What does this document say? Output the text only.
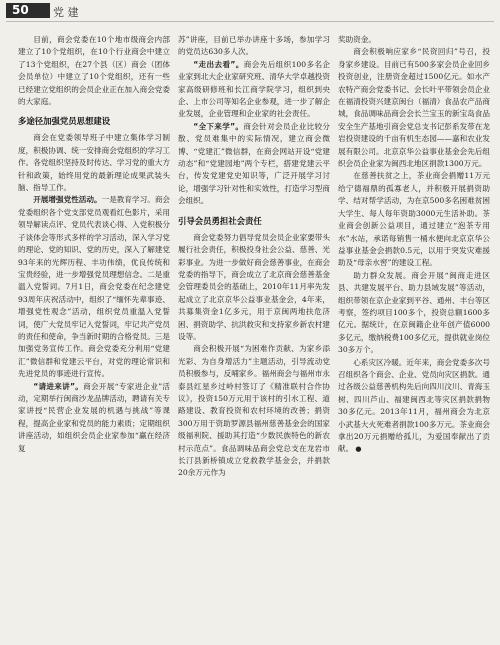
50	党 建

目前，商会党委在10个地市级商会内部建立了10个党组织，在10个行业商会中建立了13个党组织，在27个县（区）商会（团体会员单位）中建立了10个党组织，还有一些已经建立党组织的会员企业正在加入商会党委的大家庭。

多途径加强党员思想建设

商会在党委领导班子中建立集体学习制度，积极协调、统一安排商会党组织的学习工作。各党组织坚持及时传达、学习党的重大方针和政策，始终用党的最新理论成果武装头脑、指导工作。

开展增强党性活动。一是教育学习。商会党委组织各个党支部党员观看红色影片，采用领导解读点评、党员代表谈心得、入党积极分子谈体会等形式多样的学习活动，深入学习党的理论、党的知识、党的历史，深入了解建党93年来的光辉历程、丰功伟绩，优良传统和宝贵经验，进一步增强党员理想信念。二是重温入党誓词。7月1日，商会党委在纪念建党93周年庆祝活动中，组织了“缅怀先辈事迹、增强党性观念”活动，组织党员重温入党誓词，使广大党员牢记入党誓词，牢记共产党员的责任和使命，争当新时期的合格党员。三是加强党务宣传工作。商会党委充分利用“党建汇”微信群和党建云平台，对党的理论常识和先进党员的事迹进行宣传。

“请进来讲”。商会开展“专家进企业”活动，定期举行闽商沙龙品牌活动，聘请有关专家讲授“民营企业发展的机遇与挑战”等课程，提高企业家和党员的能力素质；定期组织讲座活动，如组织会员企业家参加“赢在经济复

苏”讲座，目前已举办讲座十多场，参加学习的党员达630多人次。

“走出去看”。商会先后组织100多名企业家到北大企业家研究班、清华大学卓越投资家高级研修班和长江商学院学习，组织到央企、上市公司等知名企业参观，进一步了解企业发展，企业管理和企业家的社会责任。

“全下来学”。商会针对会员企业比较分散、党员难集中的实际情况，建立商会微博、“党建汇”微信群，在商会网站开设“党建动态”和“党建园地”两个专栏，搭建党建云平台，传发党建党史知识等，广泛开展学习讨论，增强学习针对性和实效性，打造学习型商会组织。

引导会员勇担社会责任

商会党委努力倡导党员会员企业家要带头履行社会责任，积极投身社会公益、慈善、光彩事业。为进一步做好商会慈善事业，在商会党委的指导下，商会成立了北京商会慈善基金会管理委员会的基础上，2010年11月率先发起成立了北京京华公益事业基金会，4年来，共募集资金1亿多元，用于京闽两地扶危济困、捐资助学、抗洪救灾和支持家乡新农村建设等。

商会积极开展“为困难作贡献、为家乡添光彩、为自身增活力”主题活动，引导流动党员积极参与，反哺家乡。福州商会与福州市永泰县红星乡过岭村签订了《精准联村合作协议》，投资150万元用于该村的引水工程、道路建设、教育投资和农村环境的改善；捐资300万用于资助罗源县福州慈善基金会的国家级福利院、援助其打造“少数民族特色的新农村示范点”。食品调味品商会党总支在龙岩市长汀县新桥镇成立党救教学基金会，并捐款20余万元作为

奖助资金。

商会积极响应家乡“民资回归”号召，投身家乡建设。目前已有500多家会员企业回乡投资创业，注册资金超过1500亿元。如水产农特产商会党委书记、会长叶平带领会员企业在福清投资兴建京闽台（福清）食品农产品商城，食品调味品商会会长兰宝玉的新宝岛食品安全生产基地引商会党总支书记彭系发带在龙岩投资建设的千亩有机生态园——嘉和农业发展有限公司。北京京华公益事业基金会先后组织会员企业家为闽西北地区捐款1300万元。

在慈善扶贫之上，茶业商会捐赠11万元给宁德福鼎的孤寡老人，并积极开展捐资助学、结对帮学活动，为在京500多名困难贫困大学生、每人每年资助3000元生活补助。茶业商会创新公益项目，通过建立“泡茶专用水”水站，承诺每销售一桶水便向北京京华公益事业基金会捐款0.5元，以用于突发灾难援助及“母亲水窖”的建设工程。

助力群众发展。商会开展“闽商走进区县、共建发展平台、助力县域发展”等活动，组织带领在京企业家到平谷、通州、丰台等区考察，签约项目100多个，投资总额1600多亿元。据统计，在京闽籍企业年创产值6000多亿元，缴纳税费100多亿元，提供就业岗位30多万个。

心系灾区冷暖。近年来，商会党委多次号召组织各个商会、企业、党员向灾区捐款。通过各级公益慈善机构先后向四川汶川、青海玉树、四川芦山、福建闽西北等灾区捐款捐物30多亿元。2013年11月，福州商会为北京小武基大火死难者捐款100多万元。茶业商会拿出20万元捐赠给孤儿，为爱国奉献出了贡献。 ●
